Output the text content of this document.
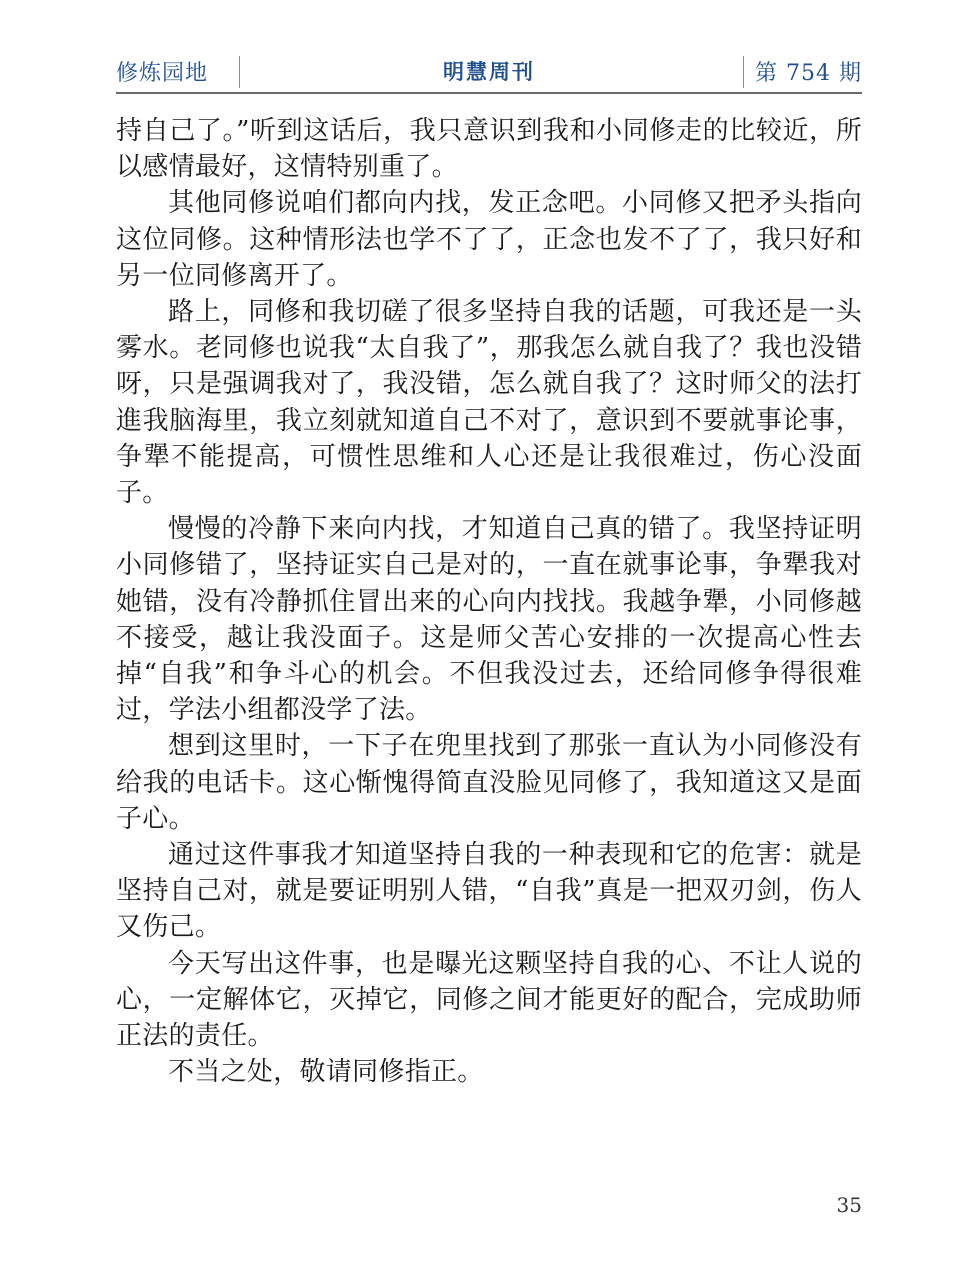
修炼园地	明慧周刊	第 754 期

持自己了。”听到这话后，我只意识到我和小同修走的比较近，所以感情最好，这情特别重了。

其他同修说咱们都向内找，发正念吧。小同修又把矛头指向这位同修。这种情形法也学不了了，正念也发不了了，我只好和另一位同修离开了。

路上，同修和我切磋了很多坚持自我的话题，可我还是一头雾水。老同修也说我“太自我了”，那我怎么就自我了？我也没错呀，只是强调我对了，我没错，怎么就自我了？这时师父的法打進我脑海里，我立刻就知道自己不对了，意识到不要就事论事，争犟不能提高，可惯性思维和人心还是让我很难过，伤心没面子。

慢慢的冷静下来向内找，才知道自己真的错了。我坚持证明小同修错了，坚持证实自己是对的，一直在就事论事，争犟我对她错，没有冷静抓住冒出来的心向内找找。我越争犟，小同修越不接受，越让我没面子。这是师父苦心安排的一次提高心性去掉“自我”和争斗心的机会。不但我没过去，还给同修争得很难过，学法小组都没学了法。

想到这里时，一下子在兜里找到了那张一直认为小同修没有给我的电话卡。这心惭愧得简直没脸见同修了，我知道这又是面子心。

通过这件事我才知道坚持自我的一种表现和它的危害：就是坚持自己对，就是要证明别人错，“自我”真是一把双刃剑，伤人又伤己。

今天写出这件事，也是曝光这颗坚持自我的心、不让人说的心，一定解体它，灭掉它，同修之间才能更好的配合，完成助师正法的责任。

不当之处，敬请同修指正。

35
